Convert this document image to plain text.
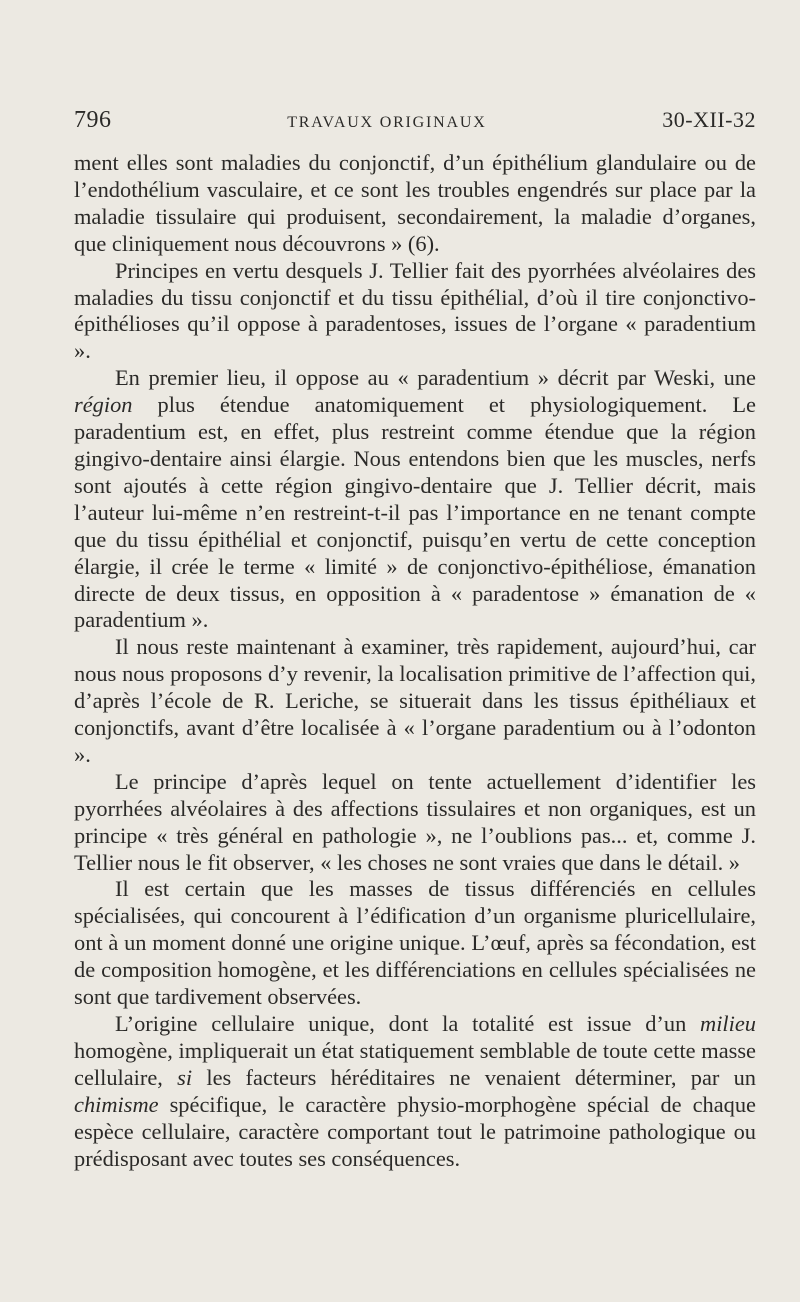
796	TRAVAUX ORIGINAUX	30-XII-32

ment elles sont maladies du conjonctif, d’un épithélium glandulaire ou de l’endothélium vasculaire, et ce sont les troubles engendrés sur place par la maladie tissulaire qui produisent, secondairement, la maladie d’organes, que cliniquement nous découvrons » (6).

Principes en vertu desquels J. Tellier fait des pyorrhées alvéolaires des maladies du tissu conjonctif et du tissu épithélial, d’où il tire conjonctivo-épithélioses qu’il oppose à paradentoses, issues de l’organe « paradentium ».

En premier lieu, il oppose au « paradentium » décrit par Weski, une région plus étendue anatomiquement et physiologiquement. Le paradentium est, en effet, plus restreint comme étendue que la région gingivo-dentaire ainsi élargie. Nous entendons bien que les muscles, nerfs sont ajoutés à cette région gingivo-dentaire que J. Tellier décrit, mais l’auteur lui-même n’en restreint-t-il pas l’importance en ne tenant compte que du tissu épithélial et conjonctif, puisqu’en vertu de cette conception élargie, il crée le terme « limité » de conjonctivo-épithéliose, émanation directe de deux tissus, en opposition à « paradentose » émanation de « paradentium ».

Il nous reste maintenant à examiner, très rapidement, aujourd’hui, car nous nous proposons d’y revenir, la localisation primitive de l’affection qui, d’après l’école de R. Leriche, se situerait dans les tissus épithéliaux et conjonctifs, avant d’être localisée à « l’organe paradentium ou à l’odonton ».

Le principe d’après lequel on tente actuellement d’identifier les pyorrhées alvéolaires à des affections tissulaires et non organiques, est un principe « très général en pathologie », ne l’oublions pas... et, comme J. Tellier nous le fit observer, « les choses ne sont vraies que dans le détail. »

Il est certain que les masses de tissus différenciés en cellules spécialisées, qui concourent à l’édification d’un organisme pluricellulaire, ont à un moment donné une origine unique. L’œuf, après sa fécondation, est de composition homogène, et les différenciations en cellules spécialisées ne sont que tardivement observées.

L’origine cellulaire unique, dont la totalité est issue d’un milieu homogène, impliquerait un état statiquement semblable de toute cette masse cellulaire, si les facteurs héréditaires ne venaient déterminer, par un chimisme spécifique, le caractère physio-morphogène spécial de chaque espèce cellulaire, caractère comportant tout le patrimoine pathologique ou prédisposant avec toutes ses conséquences.
